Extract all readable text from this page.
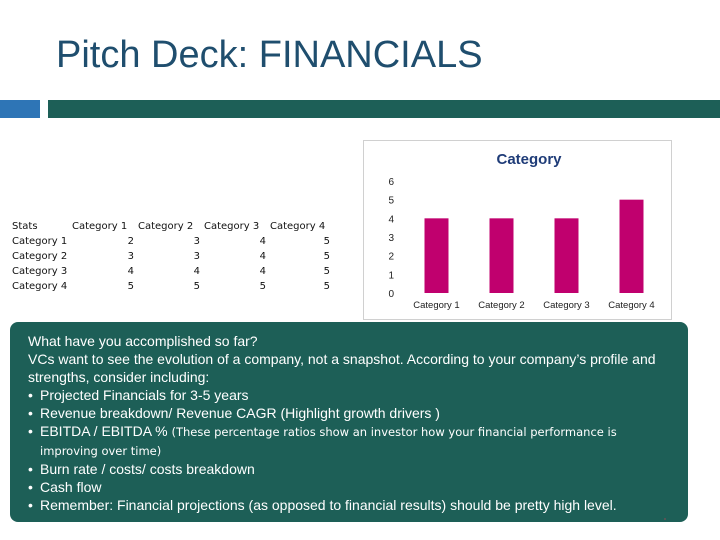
Pitch Deck: FINANCIALS
Stats	Category 1	Category 2	Category 3	Category 4
Category 1	2	3	4	5
Category 2	3	3	4	5
Category 3	4	4	4	5
Category 4	5	5	5	5
Category
0
1
2
3
4
5
6
Category 1 Category 2 Category 3 Category 4

What have you accomplished so far?

VCs want to see the evolution of a company, not a snapshot. According to your company’s profile and strengths, consider including:

• Projected Financials for 3-5 years
• Revenue breakdown/ Revenue CAGR (Highlight growth drivers )
• EBITDA / EBITDA % (These percentage ratios show an investor how your financial performance is improving over time)
• Burn rate / costs/ costs breakdown
• Cash flow
• Remember: Financial projections (as opposed to financial results) should be pretty high level.
